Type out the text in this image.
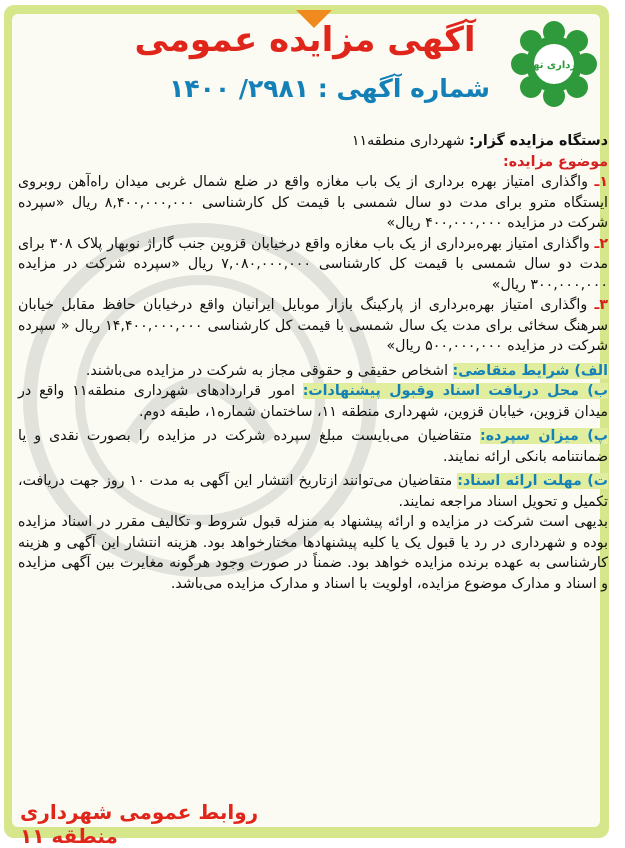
شهرداری تهران
آگهی مزایده عمومی
شماره آگهی : ۲۹۸۱/ ۱۴۰۰

دستگاه مزایده گزار: شهرداری منطقه۱۱

موضوع مزایده:

۱ـ واگذاری امتیاز بهره برداری از یک باب مغازه واقع در ضلع شمال غربی میدان راه‌آهن روبروی ایستگاه مترو برای مدت دو سال شمسی با قیمت کل کارشناسی ۸,۴۰۰,۰۰۰,۰۰۰ ریال «سپرده شرکت در مزایده ۴۰۰,۰۰۰,۰۰۰ ریال»

۲ـ واگذاری امتیاز بهره‌برداری از یک باب مغازه واقع درخیابان قزوین جنب گاراژ نوبهار پلاک ۳۰۸ برای مدت دو سال شمسی با قیمت کل کارشناسی ۷,۰۸۰,۰۰۰,۰۰۰ ریال «سپرده شرکت در مزایده ۳۰۰,۰۰۰,۰۰۰ ریال»

۳ـ واگذاری امتیاز بهره‌برداری از پارکینگ بازار موبایل ایرانیان واقع درخیابان حافظ مقابل خیابان سرهنگ سخائی برای مدت یک سال شمسی با قیمت کل کارشناسی ۱۴,۴۰۰,۰۰۰,۰۰۰ ریال « سپرده شرکت در مزایده ۵۰۰,۰۰۰,۰۰۰ ریال»

الف) شرایط متقاضی: اشخاص حقیقی و حقوقی مجاز به شرکت در مزایده می‌باشند.

ب) محل دریافت اسناد وقبول پیشنهادات: امور قراردادهای شهرداری منطقه۱۱ واقع در میدان قزوین، خیابان قزوین، شهرداری منطقه ۱۱، ساختمان شماره۱، طبقه دوم.

پ) میزان سپرده: متقاضیان می‌بایست مبلغ سپرده شرکت در مزایده را بصورت نقدی و یا ضمانتنامه بانکی ارائه نمایند.

ت) مهلت ارائه اسناد: متقاضیان می‌توانند ازتاریخ انتشار این آگهی به مدت ۱۰ روز جهت دریافت، تکمیل و تحویل اسناد مراجعه نمایند.

بدیهی است شرکت در مزایده و ارائه پیشنهاد به منزله قبول شروط و تکالیف مقرر در اسناد مزایده بوده و شهرداری در رد یا قبول یک یا کلیه پیشنهادها مختارخواهد بود. هزینه انتشار این آگهی و هزینه کارشناسی به عهده برنده مزایده خواهد بود. ضمناً در صورت وجود هرگونه مغایرت بین آگهی مزایده و اسناد و مدارک موضوع مزایده، اولویت با اسناد و مدارک مزایده می‌باشد.

روابط عمومی شهرداری منطقه ۱۱
